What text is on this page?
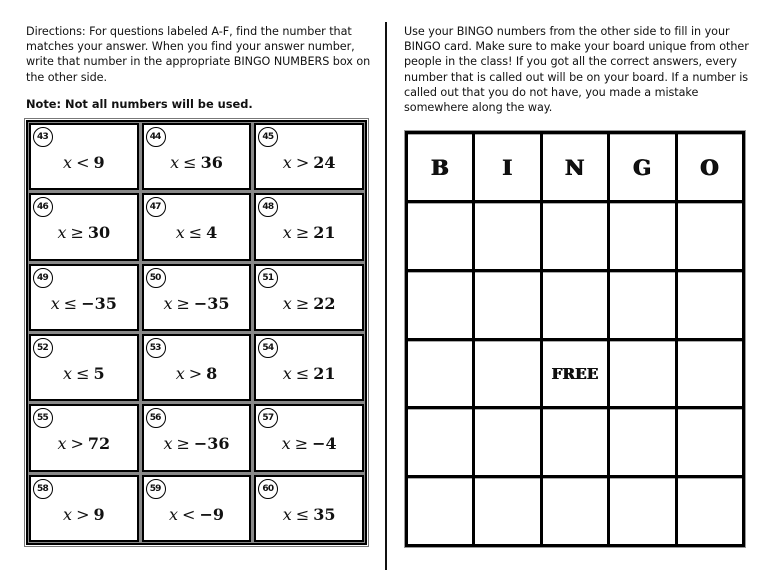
Directions: For questions labeled A-F, find the number that matches your answer. When you find your answer number, write that number in the appropriate BINGO NUMBERS box on the other side.
Note: Not all numbers will be used.
Use your BINGO numbers from the other side to fill in your BINGO card. Make sure to make your board unique from other people in the class! If you got all the correct answers, every number that is called out will be on your board. If a number is called out that you do not have, you made a mistake somewhere along the way.
43
x < 9
44
x ≤ 36
45
x > 24
46
x ≥ 30
47
x ≤ 4
48
x ≥ 21
49
x ≤ −35
50
x ≥ −35
51
x ≥ 22
52
x ≤ 5
53
x > 8
54
x ≤ 21
55
x > 72
56
x ≥ −36
57
x ≥ −4
58
x > 9
59
x < −9
60
x ≤ 35
B	I	N	G	O
FREE
